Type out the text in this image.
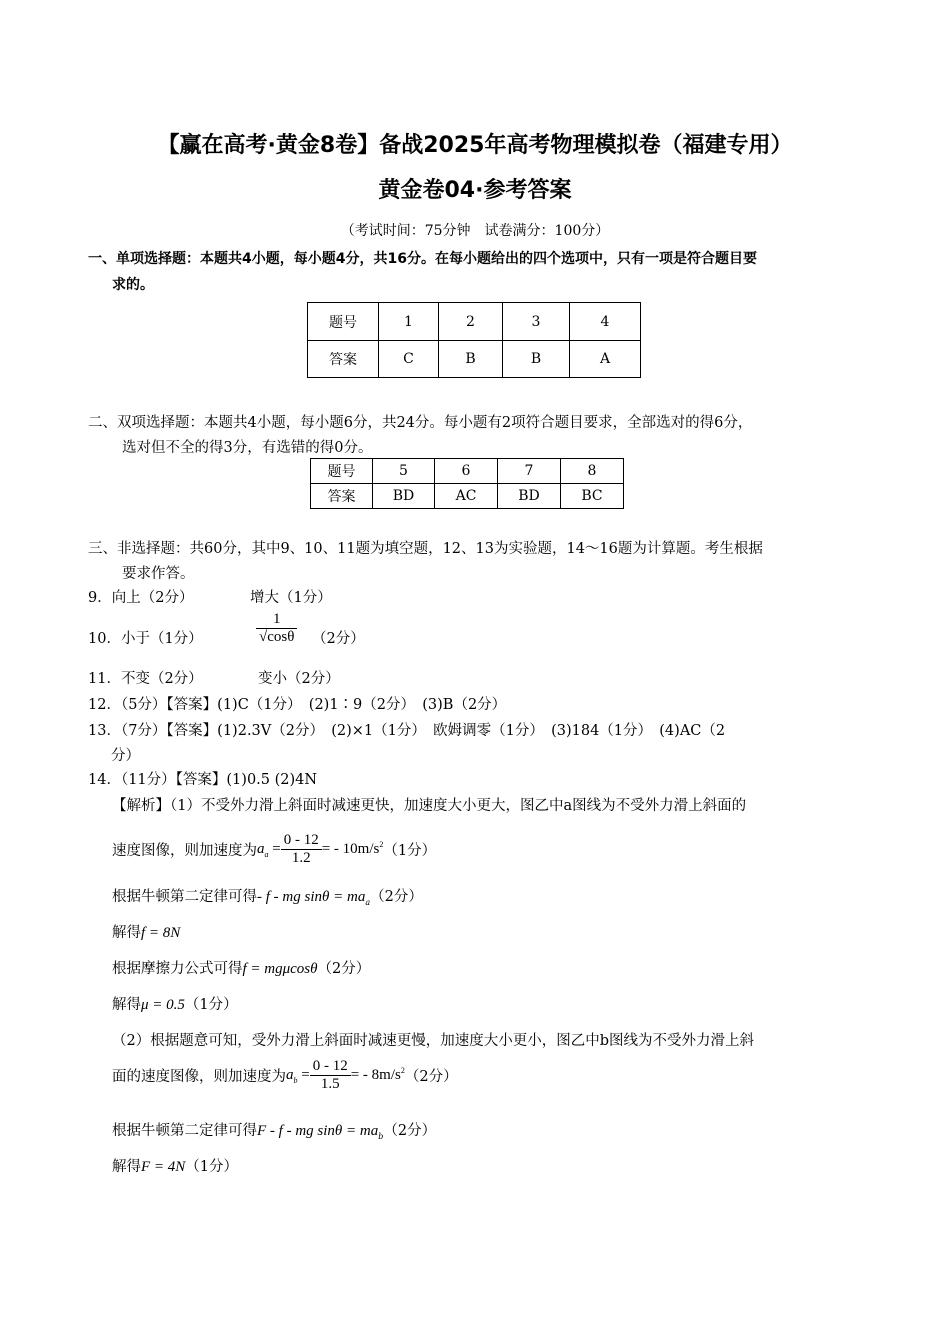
【赢在高考·黄金8卷】备战2025年高考物理模拟卷（福建专用）
黄金卷04·参考答案
（考试时间：75分钟　试卷满分：100分）
一、单项选择题：本题共4小题，每小题4分，共16分。在每小题给出的四个选项中，只有一项是符合题目要
求的。
题号	1	2	3	4
答案	C	B	B	A
二、双项选择题：本题共4小题，每小题6分，共24分。每小题有2项符合题目要求，全部选对的得6分，
选对但不全的得3分，有选错的得0分。
题号	5	6	7	8
答案	BD	AC	BD	BC
三、非选择题：共60分，其中9、10、11题为填空题，12、13为实验题，14～16题为计算题。考生根据
要求作答。
9．向上（2分）	增大（1分）
10．小于（1分）	$\frac{1}{√\cos\theta} (2$分）
11．不变（2分）	变小（2分）
12．（5分）【答案】(1)C（1分）　(2)1∶9（2分）　(3)B（2分）
13．（7分）【答案】(1)2.3V（2分）　(2)×1（1分）　欧姆调零（1分）　(3)184（1分）　(4)AC（2
分）
14．（11分）【答案】(1)0.5 (2)4N
【解析】（1）不受外力滑上斜面时减速更快，加速度大小更大，图乙中a图线为不受外力滑上斜面的
速度图像，则加速度为 $a_a = \frac{0 - 12}{1.2}$ = - $10m/s^2$ （1分）
根据牛顿第二定律可得- f - mg $\sin\theta = ma_a(2$分）
解得f = 8N
根据摩擦力公式可得f = mgμcosθ（2分）
解得μ = 0.5（1分）
（2）根据题意可知，受外力滑上斜面时减速更慢，加速度大小更小，图乙中b图线为不受外力滑上斜
面的速度图像，则加速度为 $a_b = \frac{0 - 12}{1.5}$ = - $8m/s^2$ （2分）
根据牛顿第二定律可得F - f - mg $\sin\theta = ma_b(2$分）
解得F = 4N（1分）
